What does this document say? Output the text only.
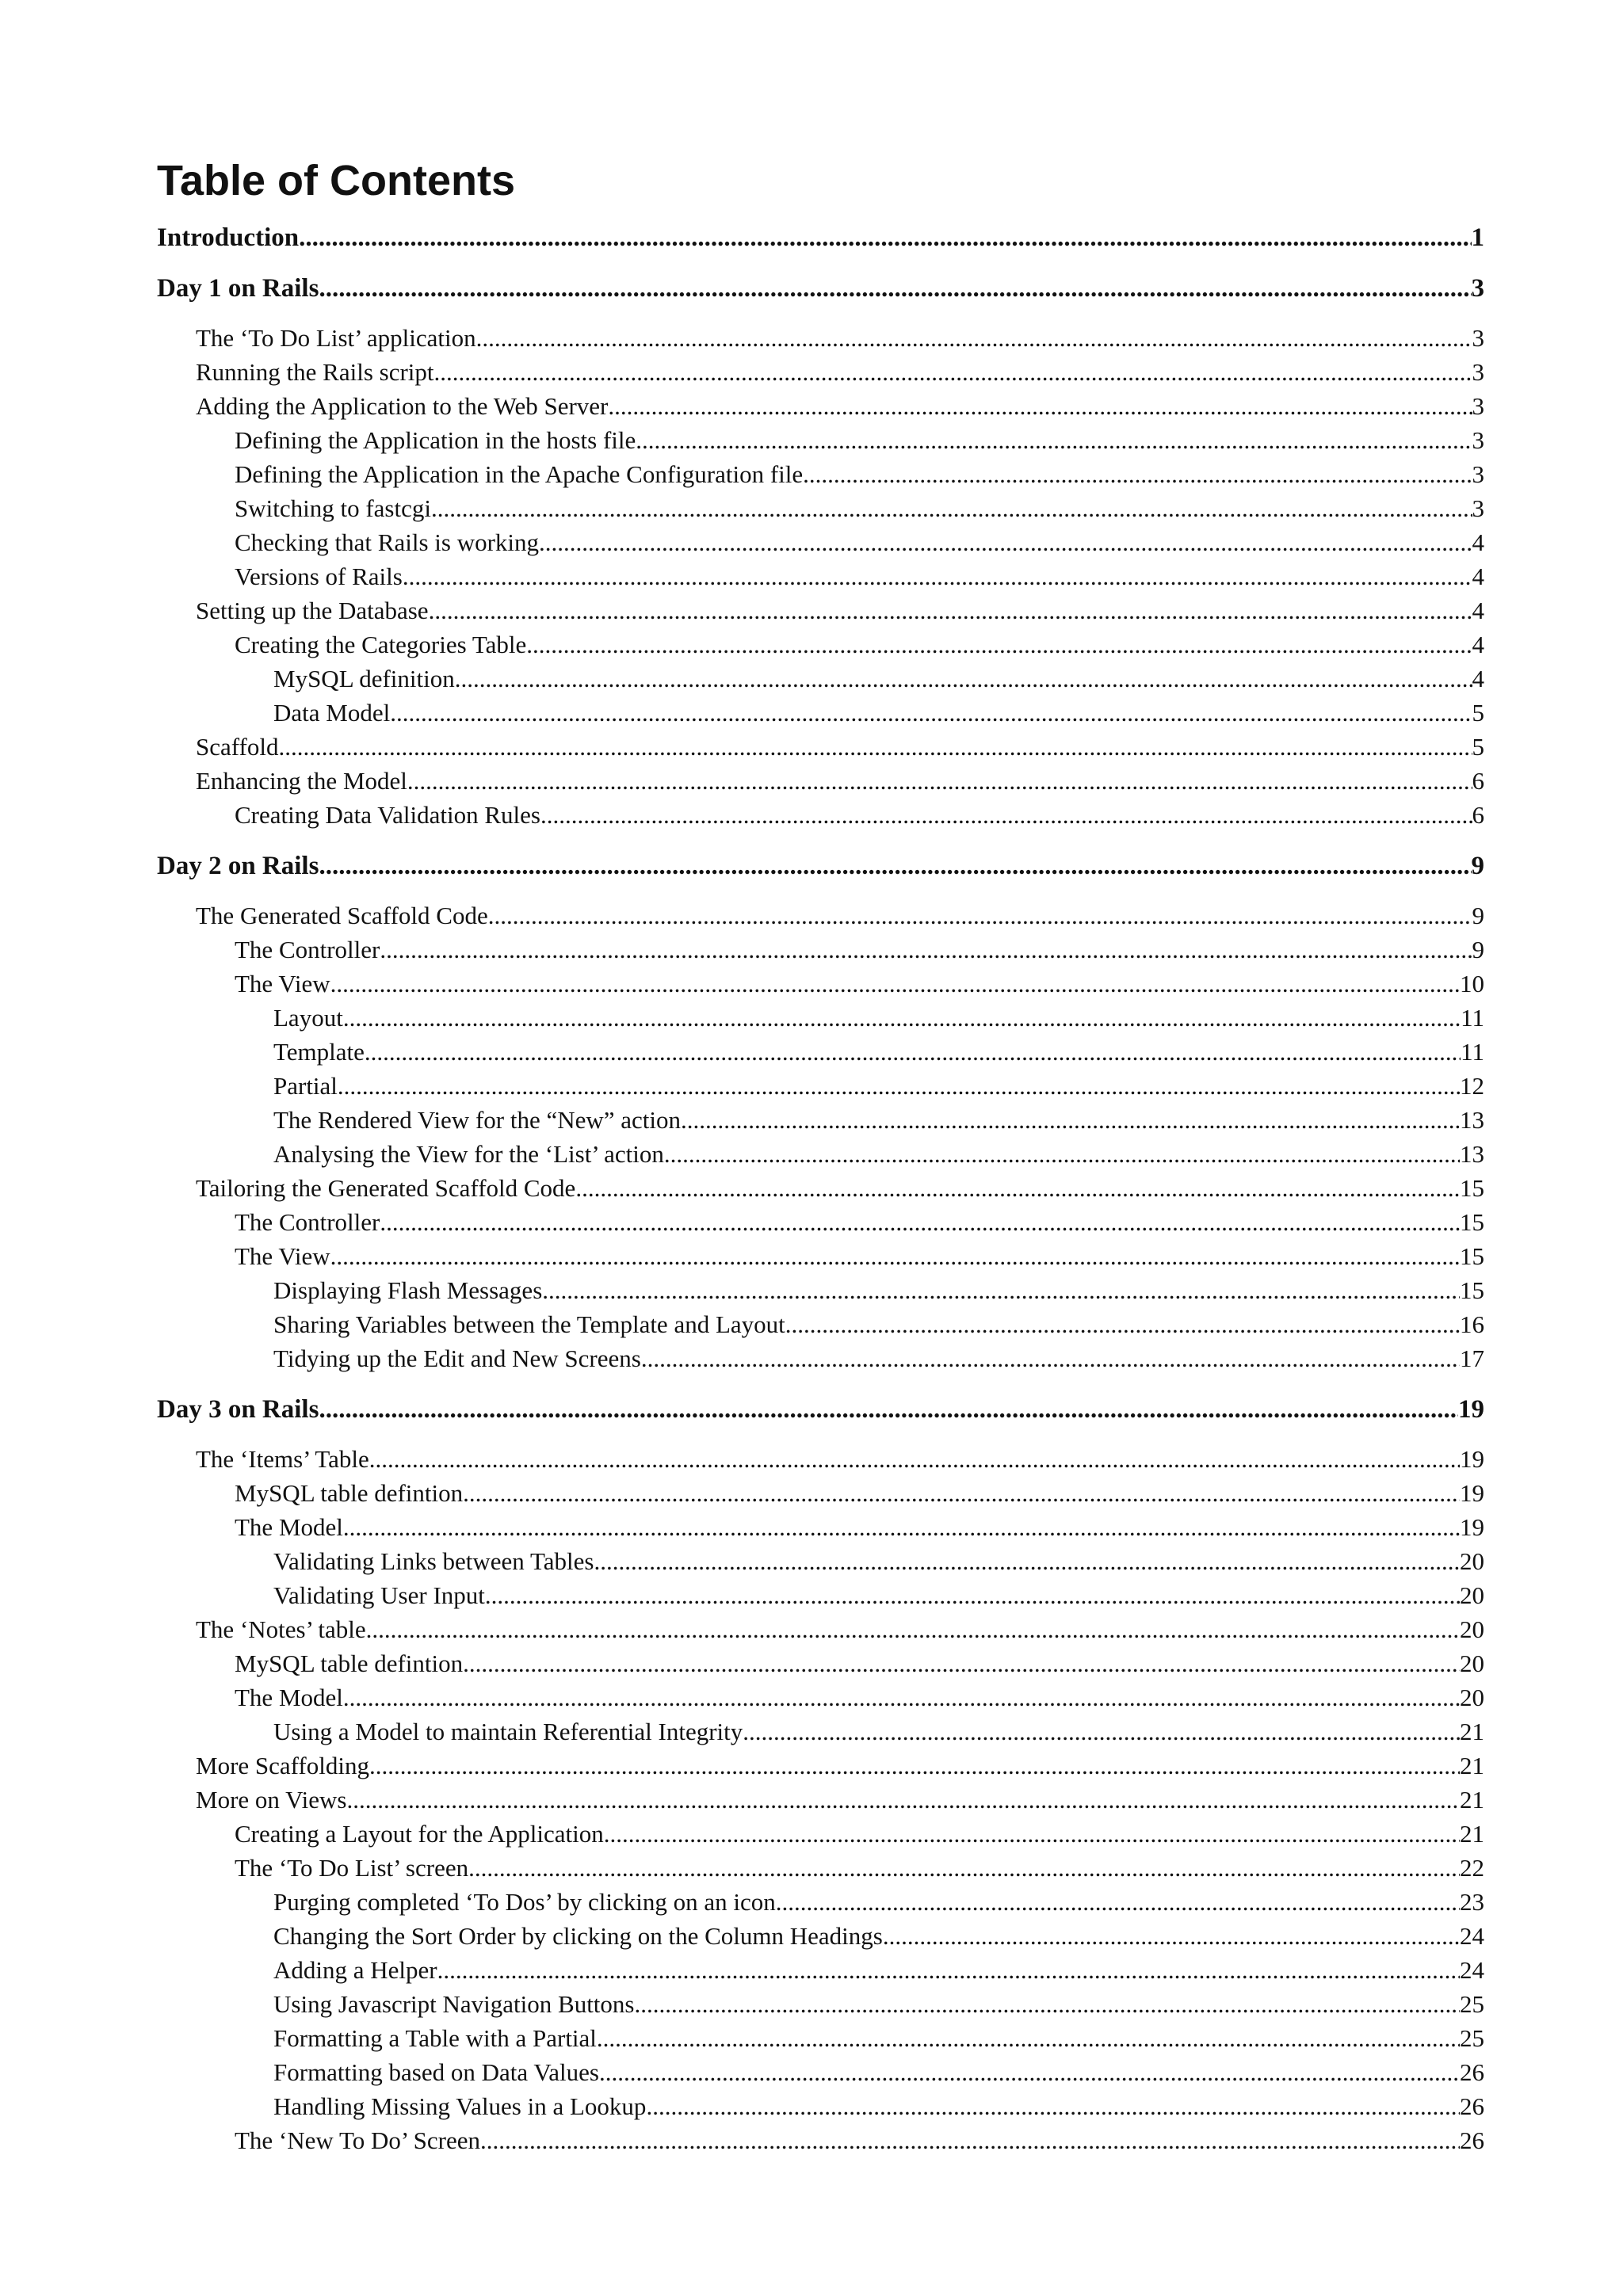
Table of Contents
Introduction .....	1
Day 1 on Rails .....	3
The ‘To Do List’ application .....	3
Running the Rails script .....	3
Adding the Application to the Web Server .....	3
Defining the Application in the hosts file .....	3
Defining the Application in the Apache Configuration file .....	3
Switching to fastcgi .....	3
Checking that Rails is working .....	4
Versions of Rails .....	4
Setting up the Database .....	4
Creating the Categories Table .....	4
MySQL definition .....	4
Data Model .....	5
Scaffold .....	5
Enhancing the Model .....	6
Creating Data Validation Rules .....	6
Day 2 on Rails .....	9
The Generated Scaffold Code .....	9
The Controller .....	9
The View .....	10
Layout .....	11
Template .....	11
Partial .....	12
The Rendered View for the “New” action .....	13
Analysing the View for the ‘List’ action .....	13
Tailoring the Generated Scaffold Code .....	15
The Controller .....	15
The View .....	15
Displaying Flash Messages .....	15
Sharing Variables between the Template and Layout .....	16
Tidying up the Edit and New Screens .....	17
Day 3 on Rails .....	19
The ‘Items’ Table .....	19
MySQL table defintion .....	19
The Model .....	19
Validating Links between Tables .....	20
Validating User Input .....	20
The ‘Notes’ table .....	20
MySQL table defintion .....	20
The Model .....	20
Using a Model to maintain Referential Integrity .....	21
More Scaffolding .....	21
More on Views .....	21
Creating a Layout for the Application .....	21
The ‘To Do List’ screen .....	22
Purging completed ‘To Dos’ by clicking on an icon .....	23
Changing the Sort Order by clicking on the Column Headings .....	24
Adding a Helper .....	24
Using Javascript Navigation Buttons .....	25
Formatting a Table with a Partial .....	25
Formatting based on Data Values .....	26
Handling Missing Values in a Lookup .....	26
The ‘New To Do’ Screen .....	26
